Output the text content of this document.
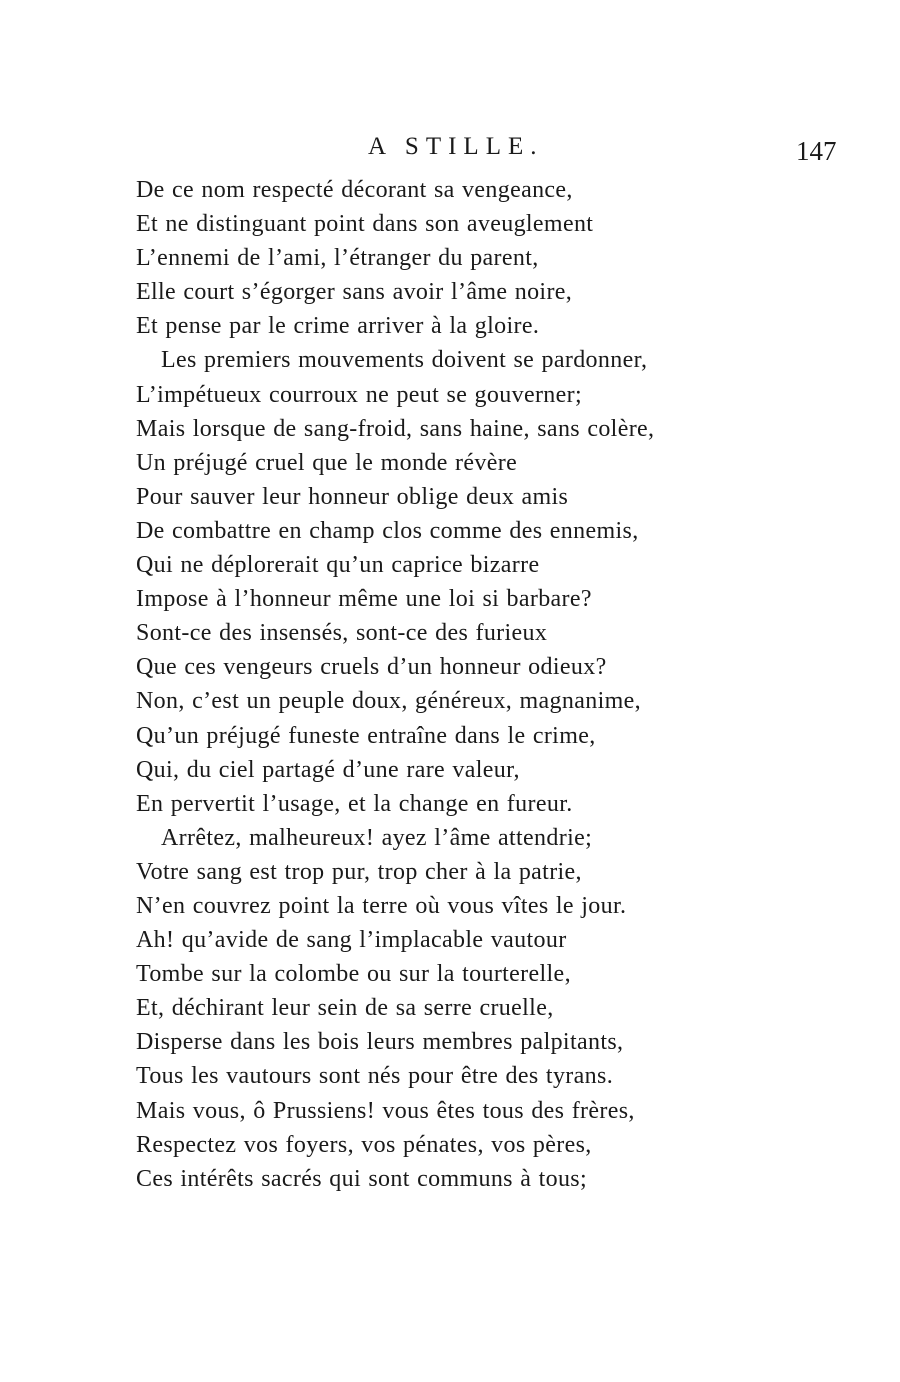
A STILLE.	147
De ce nom respecté décorant sa vengeance,
Et ne distinguant point dans son aveuglement
L’ennemi de l’ami, l’étranger du parent,
Elle court s’égorger sans avoir l’âme noire,
Et pense par le crime arriver à la gloire.
Les premiers mouvements doivent se pardonner,
L’impétueux courroux ne peut se gouverner;
Mais lorsque de sang-froid, sans haine, sans colère,
Un préjugé cruel que le monde révère
Pour sauver leur honneur oblige deux amis
De combattre en champ clos comme des ennemis,
Qui ne déplorerait qu’un caprice bizarre
Impose à l’honneur même une loi si barbare?
Sont-ce des insensés, sont-ce des furieux
Que ces vengeurs cruels d’un honneur odieux?
Non, c’est un peuple doux, généreux, magnanime,
Qu’un préjugé funeste entraîne dans le crime,
Qui, du ciel partagé d’une rare valeur,
En pervertit l’usage, et la change en fureur.
Arrêtez, malheureux! ayez l’âme attendrie;
Votre sang est trop pur, trop cher à la patrie,
N’en couvrez point la terre où vous vîtes le jour.
Ah! qu’avide de sang l’implacable vautour
Tombe sur la colombe ou sur la tourterelle,
Et, déchirant leur sein de sa serre cruelle,
Disperse dans les bois leurs membres palpitants,
Tous les vautours sont nés pour être des tyrans.
Mais vous, ô Prussiens! vous êtes tous des frères,
Respectez vos foyers, vos pénates, vos pères,
Ces intérêts sacrés qui sont communs à tous;
